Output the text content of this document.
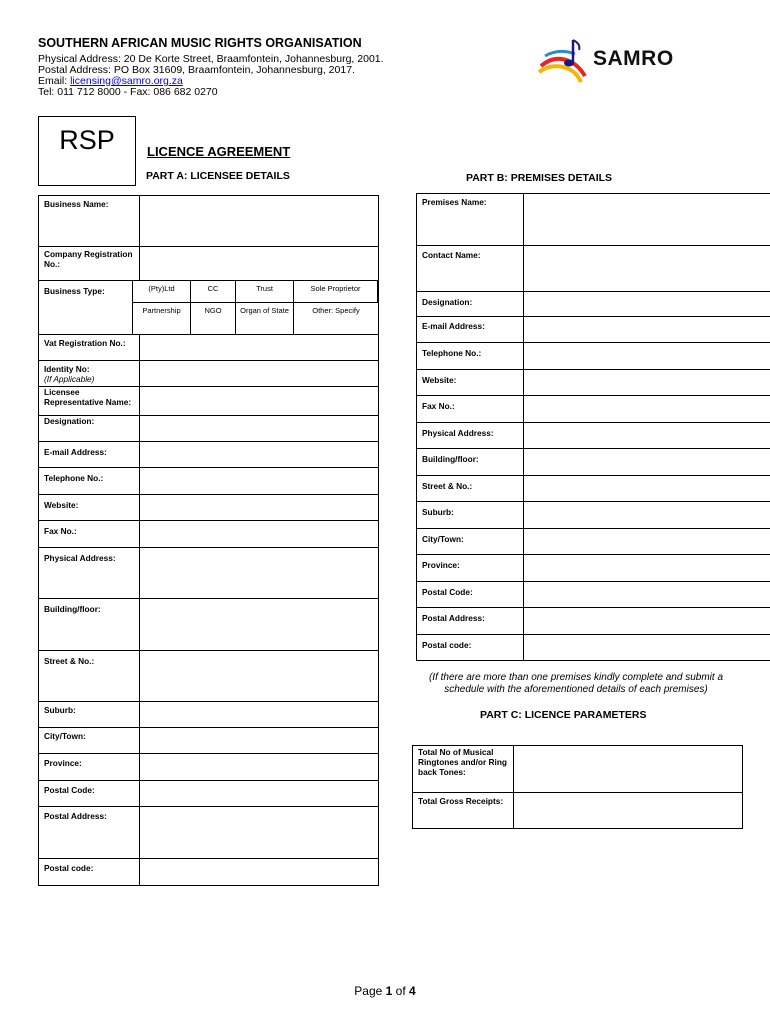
SOUTHERN AFRICAN MUSIC RIGHTS ORGANISATION
Physical Address: 20 De Korte Street, Braamfontein, Johannesburg, 2001.
Postal Address: PO Box 31609, Braamfontein, Johannesburg, 2017.
Email: licensing@samro.org.za
Tel: 011 712 8000 - Fax: 086 682 0270
SAMRO
RSP	LICENCE AGREEMENT
PART A: LICENSEE DETAILS	PART B: PREMISES DETAILS
Business Name:
Company Registration No.:
Business Type:	(Pty)Ltd	CC	Trust	Sole Proprietor
Partnership	NGO	Organ of State	Other: Specify
Vat Registration No.:
Identity No:
(If Applicable)
Licensee Representative Name:
Designation:
E-mail Address:
Telephone No.:
Website:
Fax No.:
Physical Address:
Building/floor:
Street & No.:
Suburb:
City/Town:
Province:
Postal Code:
Postal Address:
Postal code:
Premises Name:
Contact Name:
Designation:
E-mail Address:
Telephone No.:
Website:
Fax No.:
Physical Address:
Building/floor:
Street & No.:
Suburb:
City/Town:
Province:
Postal Code:
Postal Address:
Postal code:
(If there are more than one premises kindly complete and submit a schedule with the aforementioned details of each premises)
PART C: LICENCE PARAMETERS
Total No of Musical Ringtones and/or Ring back Tones:
Total Gross Receipts:
Page 1 of 4
